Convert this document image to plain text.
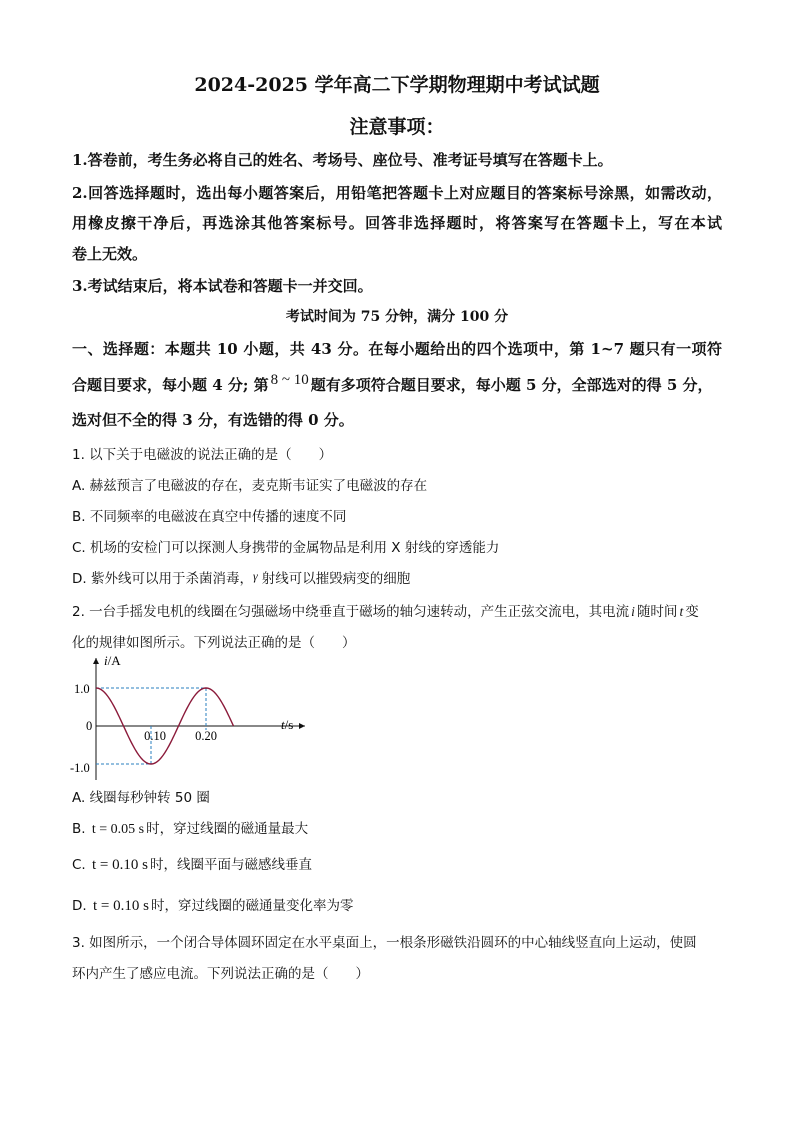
2024-2025 学年高二下学期物理期中考试试题
注意事项：
1.答卷前，考生务必将自己的姓名、考场号、座位号、准考证号填写在答题卡上。
2.回答选择题时，选出每小题答案后，用铅笔把答题卡上对应题目的答案标号涂黑，如需改动，
用橡皮擦干净后，再选涂其他答案标号。回答非选择题时，将答案写在答题卡上，写在本试
卷上无效。
3.考试结束后，将本试卷和答题卡一并交回。
考试时间为 75 分钟，满分 100 分
一、选择题：本题共 10 小题，共 43 分。在每小题给出的四个选项中，第 1~7 题只有一项符
合题目要求，每小题 4 分; 第 8 ~ 10 题有多项符合题目要求，每小题 5 分，全部选对的得 5 分，
选对但不全的得 3 分，有选错的得 0 分。
1. 以下关于电磁波的说法正确的是（　　）
A. 赫兹预言了电磁波的存在，麦克斯韦证实了电磁波的存在
B. 不同频率的电磁波在真空中传播的速度不同
C. 机场的安检门可以探测人身携带的金属物品是利用 X 射线的穿透能力
D. 紫外线可以用于杀菌消毒，γ 射线可以摧毁病变的细胞
2. 一台手摇发电机的线圈在匀强磁场中绕垂直于磁场的轴匀速转动，产生正弦交流电，其电流 i 随时间 t 变
化的规律如图所示。下列说法正确的是（　　）
i/A
t/s
1.0
0
-1.0
0.10 0.20
A. 线圈每秒钟转 50 圈
B. t = 0.05 s 时，穿过线圈的磁通量最大
C. t = 0.10 s 时，线圈平面与磁感线垂直
D. t = 0.10 s 时，穿过线圈的磁通量变化率为零
3. 如图所示，一个闭合导体圆环固定在水平桌面上，一根条形磁铁沿圆环的中心轴线竖直向上运动，使圆
环内产生了感应电流。下列说法正确的是（　　）
